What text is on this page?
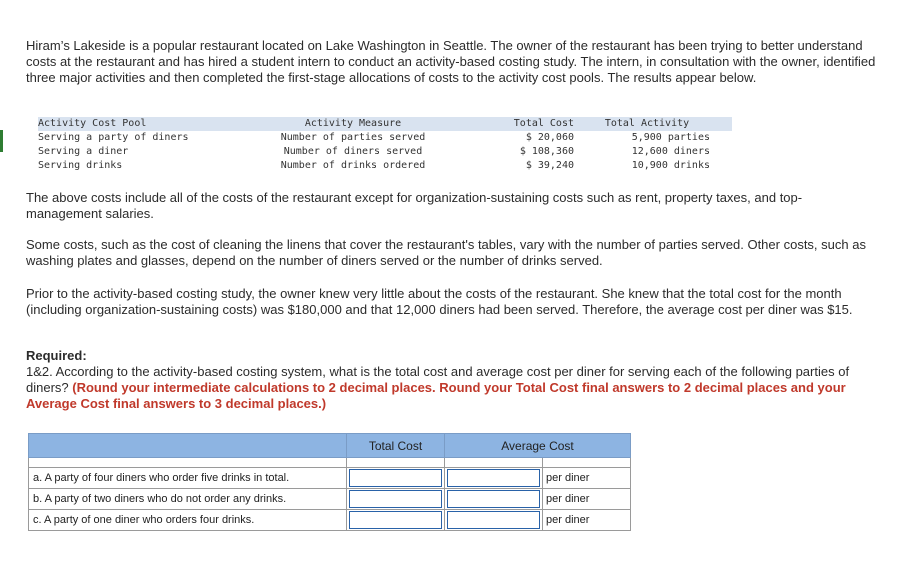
Hiram’s Lakeside is a popular restaurant located on Lake Washington in Seattle. The owner of the restaurant has been trying to better understand costs at the restaurant and has hired a student intern to conduct an activity-based costing study. The intern, in consultation with the owner, identified three major activities and then completed the first-stage allocations of costs to the activity cost pools. The results appear below.

Activity Cost Pool	Activity Measure	Total Cost	Total Activity
Serving a party of diners	Number of parties served	$ 20,060	5,900 parties
Serving a diner	Number of diners served	$ 108,360	12,600 diners
Serving drinks	Number of drinks ordered	$ 39,240	10,900 drinks

The above costs include all of the costs of the restaurant except for organization-sustaining costs such as rent, property taxes, and top-management salaries.

Some costs, such as the cost of cleaning the linens that cover the restaurant's tables, vary with the number of parties served. Other costs, such as washing plates and glasses, depend on the number of diners served or the number of drinks served.

Prior to the activity-based costing study, the owner knew very little about the costs of the restaurant. She knew that the total cost for the month (including organization-sustaining costs) was $180,000 and that 12,000 diners had been served. Therefore, the average cost per diner was $15.

Required:
1&2. According to the activity-based costing system, what is the total cost and average cost per diner for serving each of the following parties of diners? (Round your intermediate calculations to 2 decimal places. Round your Total Cost final answers to 2 decimal places and your Average Cost final answers to 3 decimal places.)
	Total Cost	Average Cost	

a. A party of four diners who order five drinks in total.			per diner
b. A party of two diners who do not order any drinks.			per diner
c. A party of one diner who orders four drinks.			per diner
